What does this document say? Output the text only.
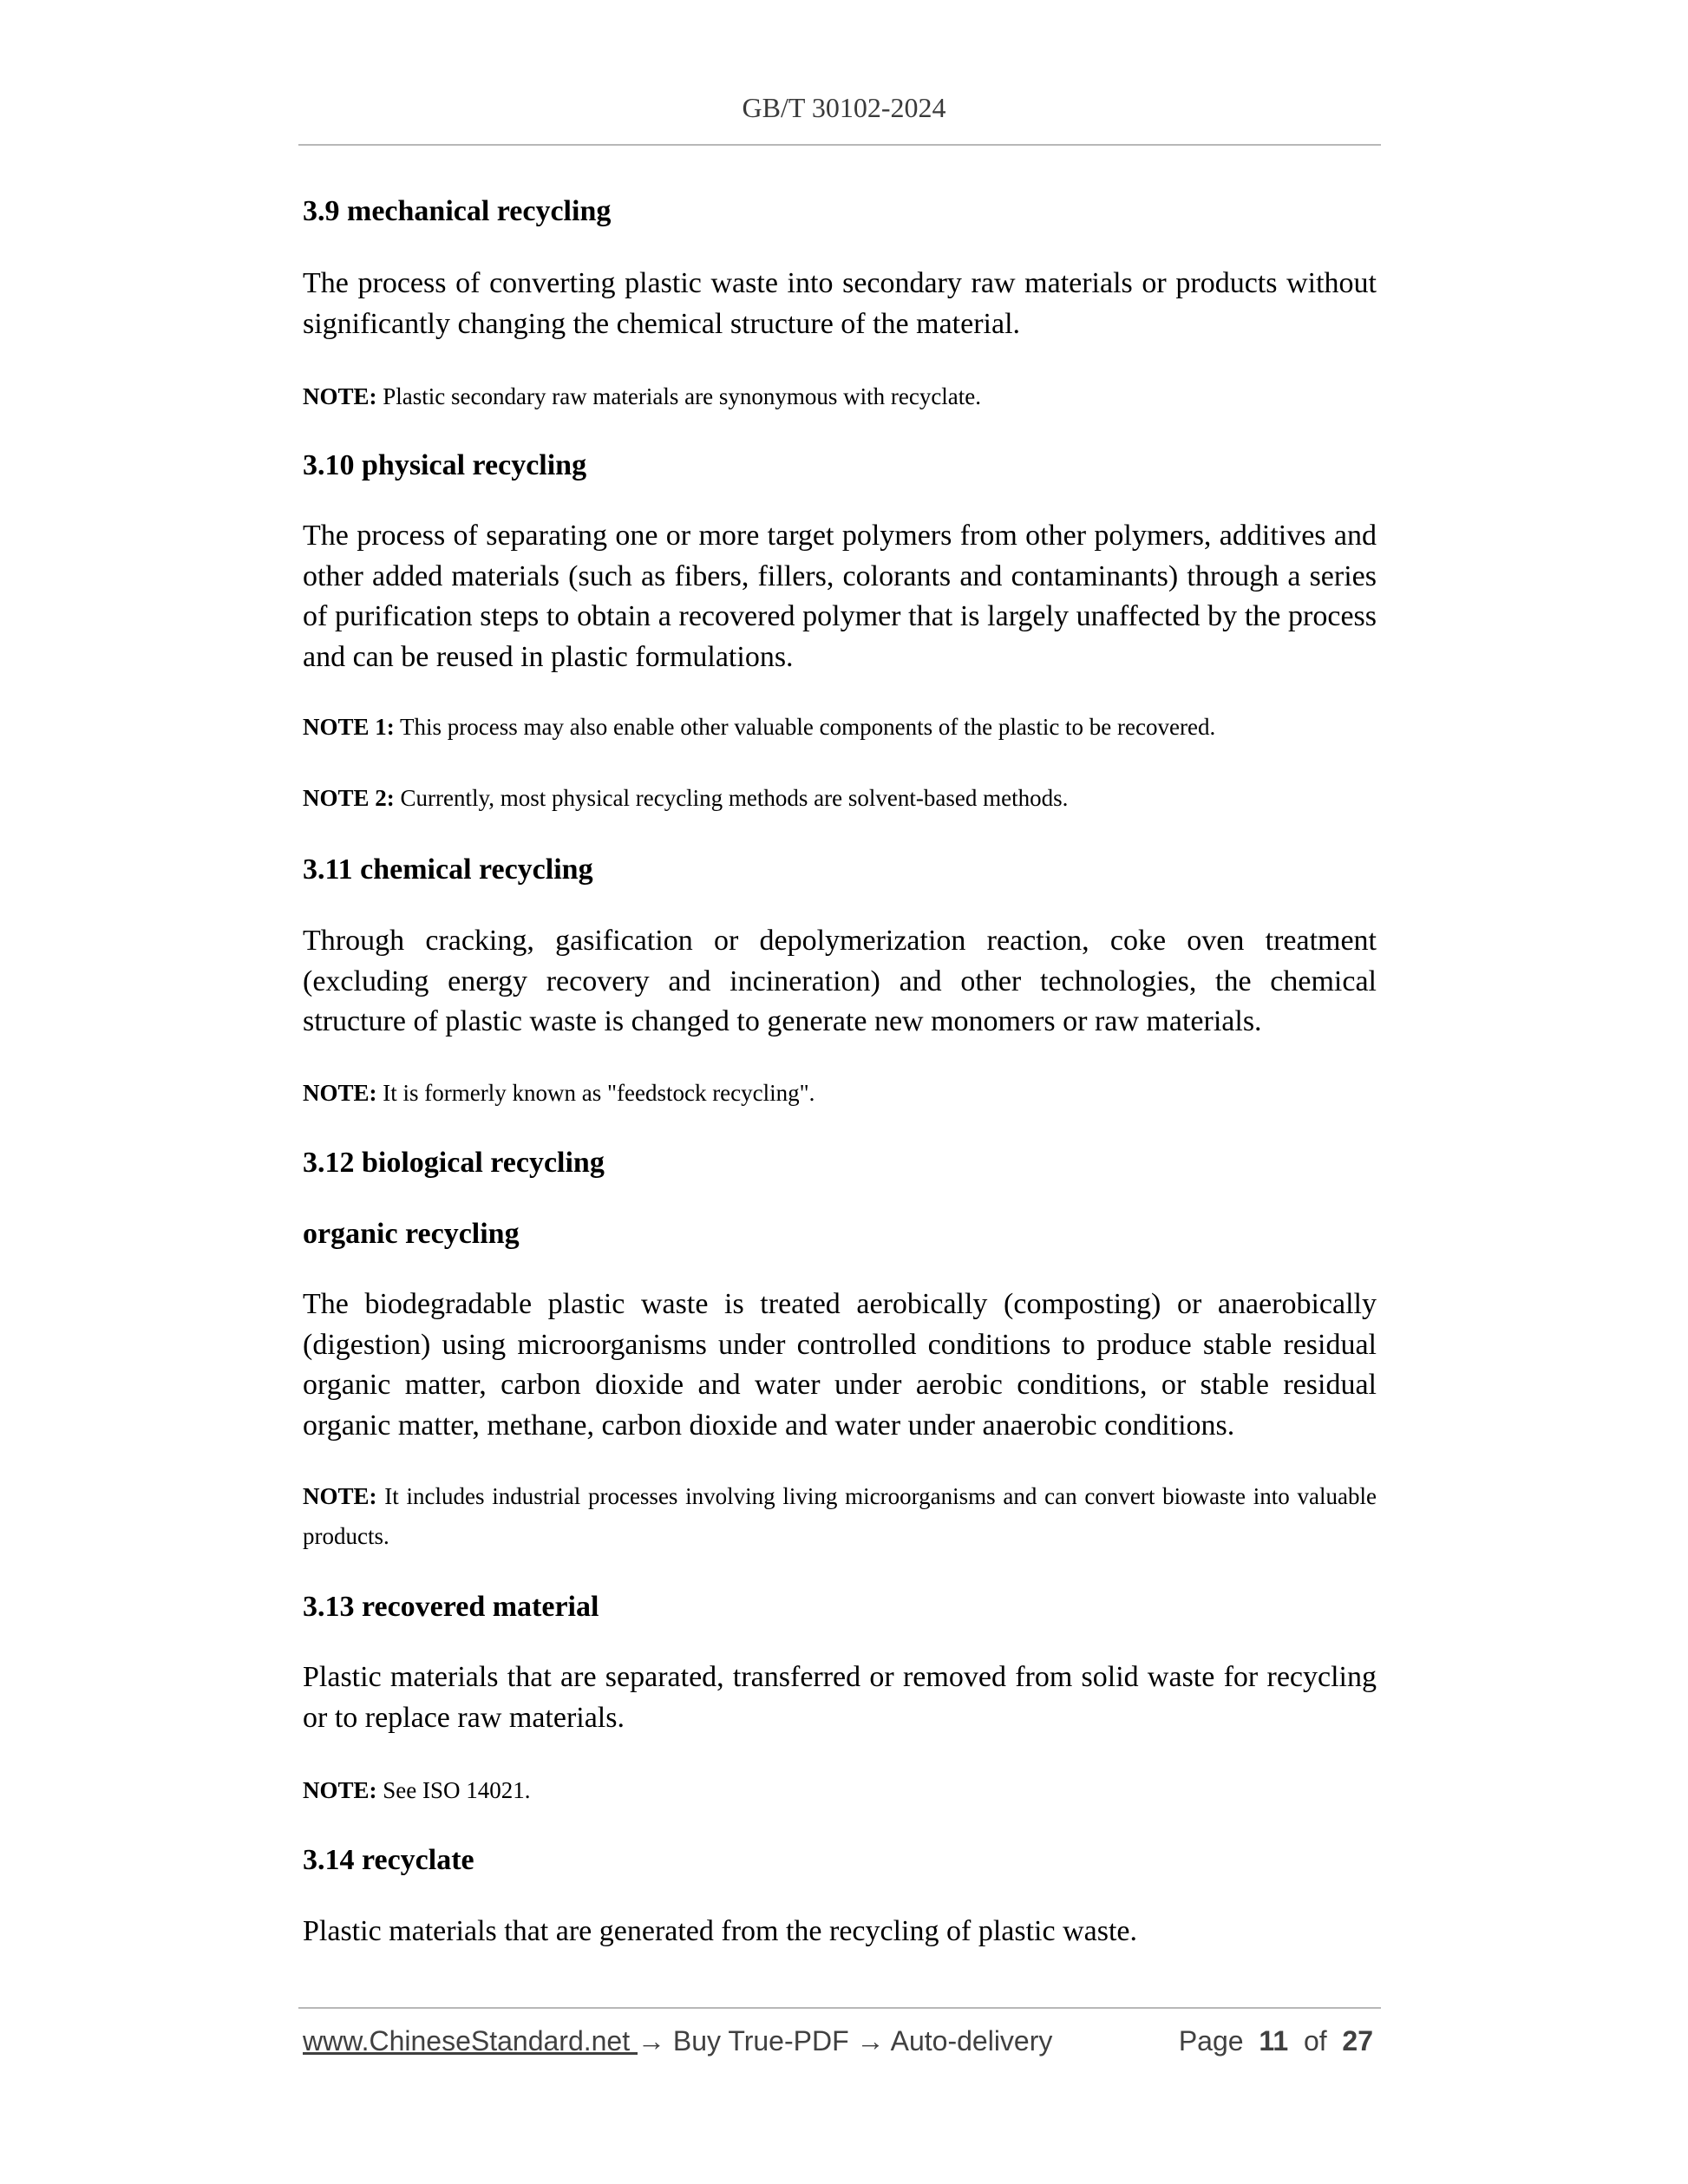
GB/T 30102-2024

3.9 mechanical recycling

The process of converting plastic waste into secondary raw materials or products without significantly changing the chemical structure of the material.

NOTE: Plastic secondary raw materials are synonymous with recyclate.

3.10 physical recycling

The process of separating one or more target polymers from other polymers, additives and other added materials (such as fibers, fillers, colorants and contaminants) through a series of purification steps to obtain a recovered polymer that is largely unaffected by the process and can be reused in plastic formulations.

NOTE 1: This process may also enable other valuable components of the plastic to be recovered.

NOTE 2: Currently, most physical recycling methods are solvent-based methods.

3.11 chemical recycling

Through cracking, gasification or depolymerization reaction, coke oven treatment (excluding energy recovery and incineration) and other technologies, the chemical structure of plastic waste is changed to generate new monomers or raw materials.

NOTE: It is formerly known as "feedstock recycling".

3.12 biological recycling

organic recycling

The biodegradable plastic waste is treated aerobically (composting) or anaerobically (digestion) using microorganisms under controlled conditions to produce stable residual organic matter, carbon dioxide and water under aerobic conditions, or stable residual organic matter, methane, carbon dioxide and water under anaerobic conditions.

NOTE: It includes industrial processes involving living microorganisms and can convert biowaste into valuable products.

3.13 recovered material

Plastic materials that are separated, transferred or removed from solid waste for recycling or to replace raw materials.

NOTE: See ISO 14021.

3.14 recyclate

Plastic materials that are generated from the recycling of plastic waste.

www.ChineseStandard.net → Buy True-PDF → Auto-delivery	Page 11 of 27
